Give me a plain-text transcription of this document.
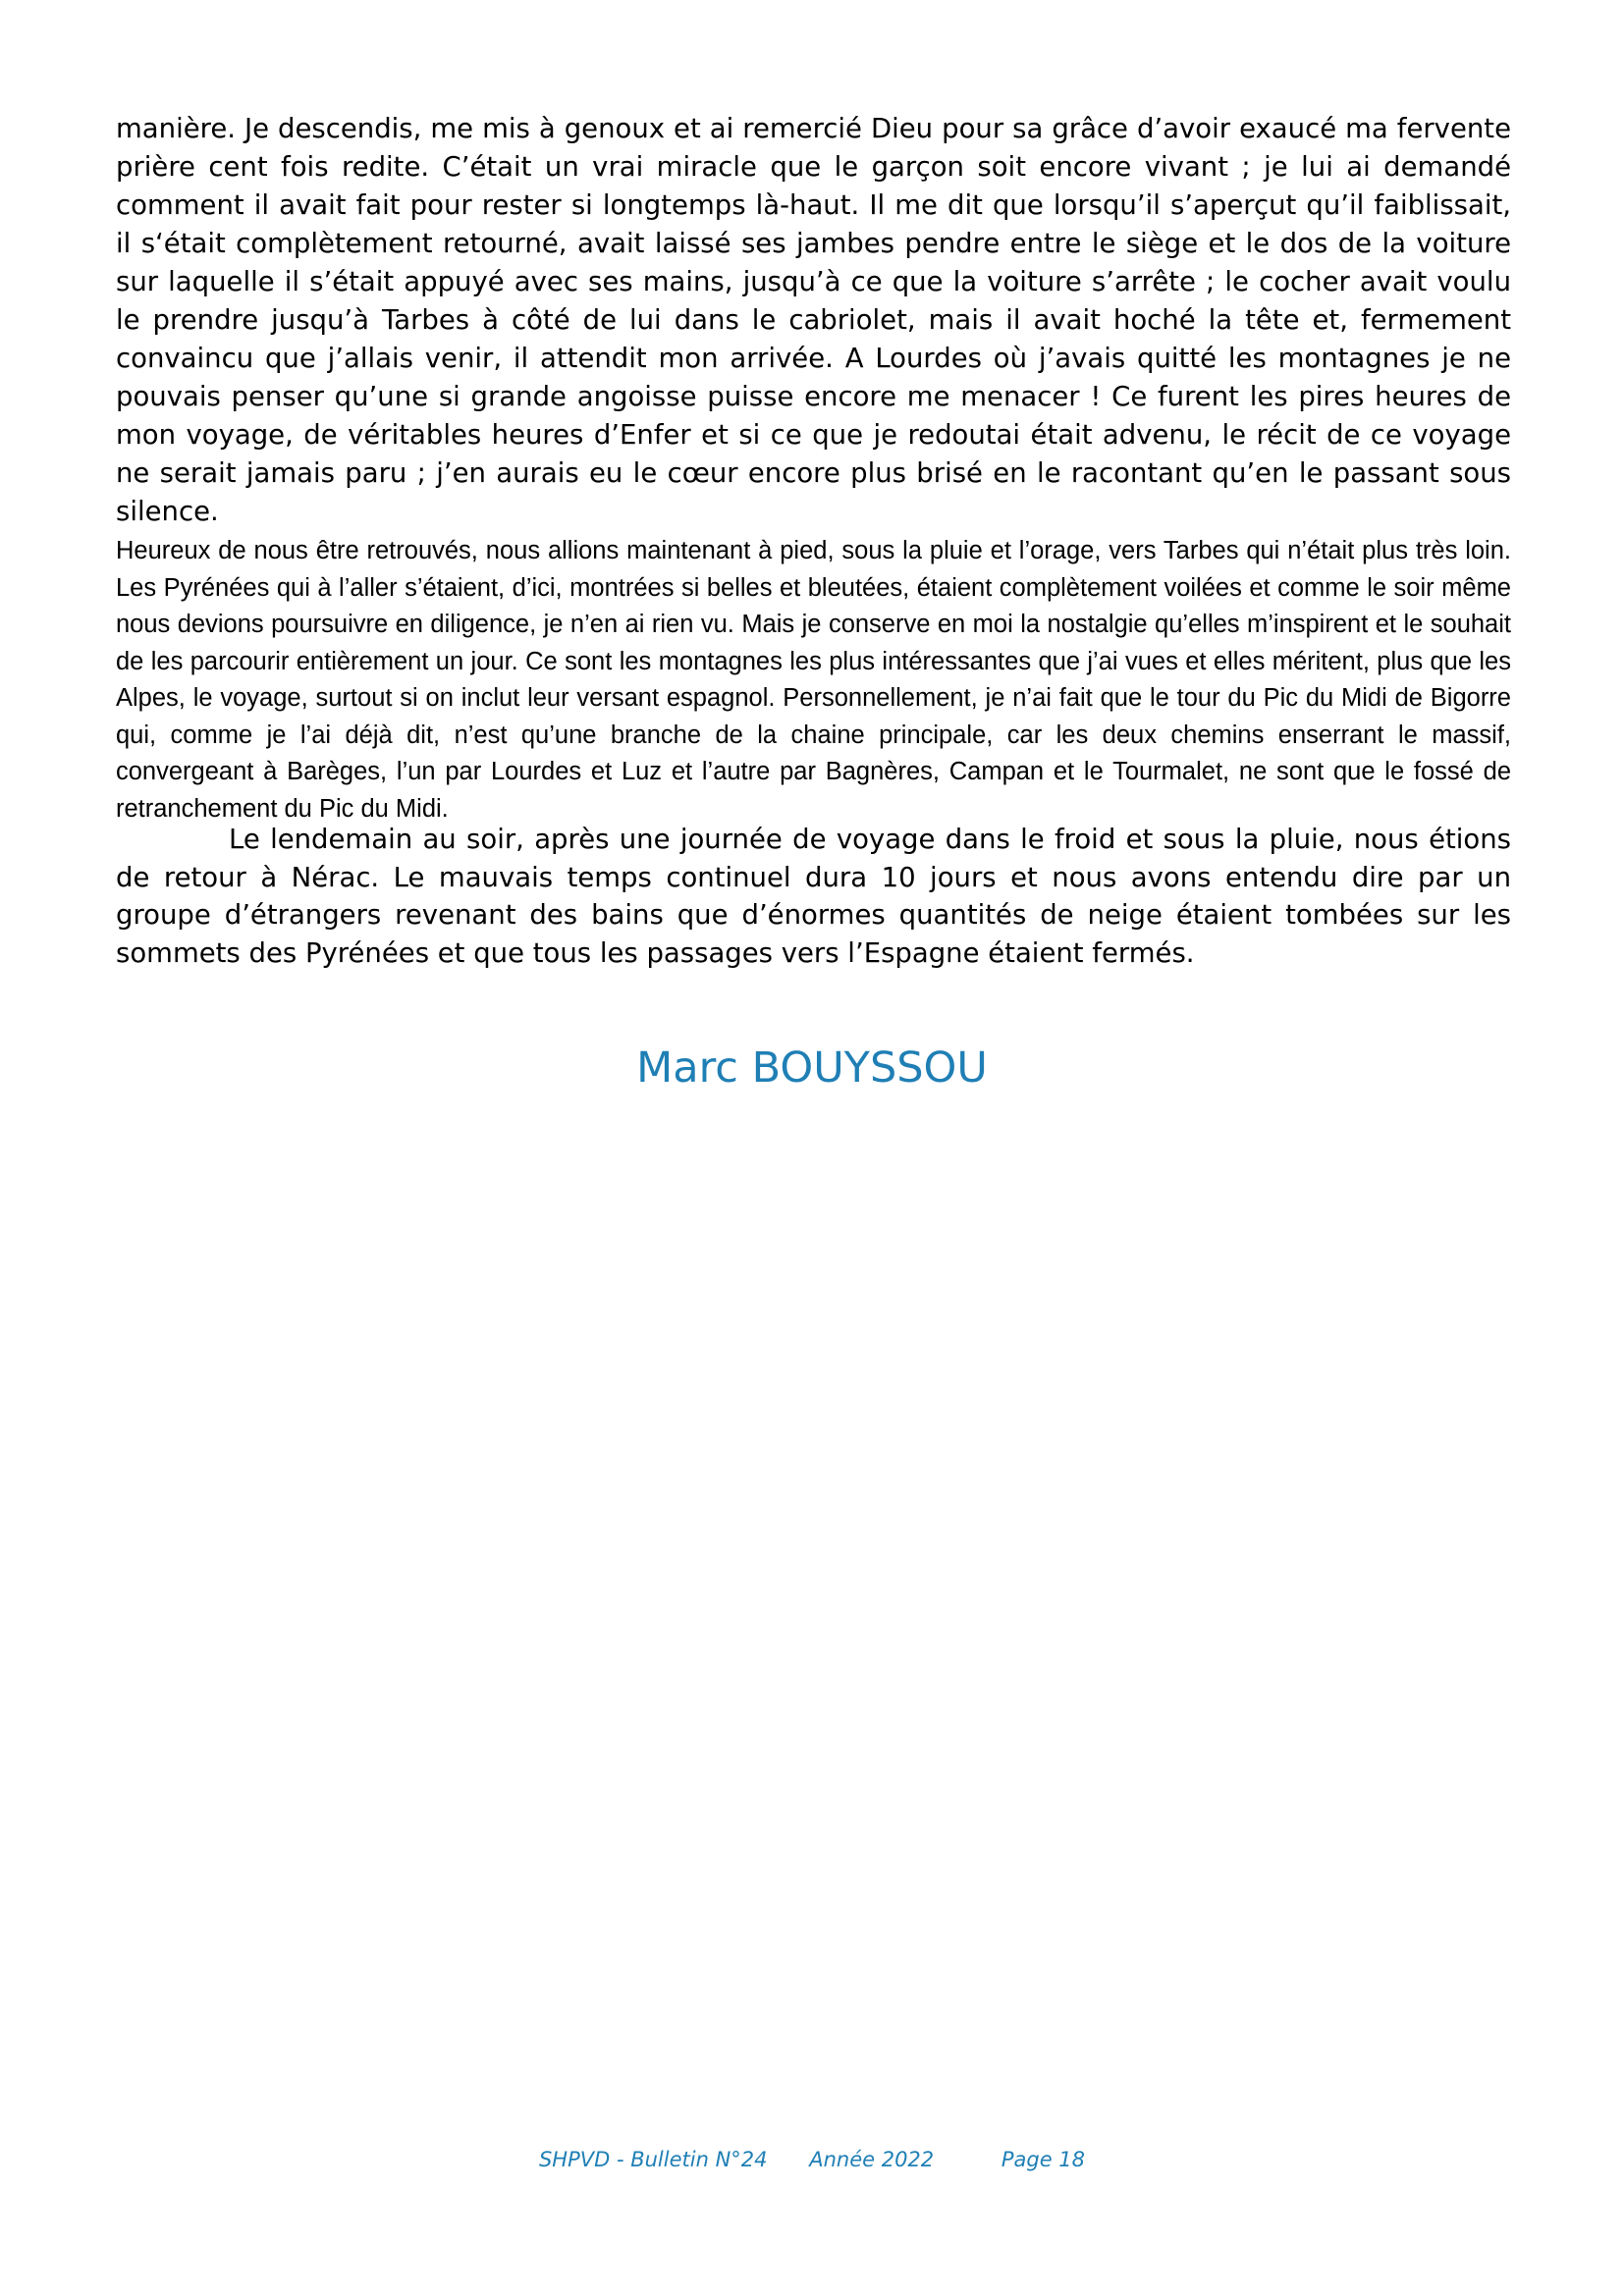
manière. Je descendis, me mis à genoux et ai remercié Dieu pour sa grâce d’avoir exaucé ma fervente prière cent fois redite. C’était un vrai miracle que le garçon soit encore vivant ; je lui ai demandé comment il avait fait pour rester si longtemps là-haut. Il me dit que lorsqu’il s’aperçut qu’il faiblissait, il s‘était complètement retourné, avait laissé ses jambes pendre entre le siège et le dos de la voiture sur laquelle il s’était appuyé avec ses mains, jusqu’à ce que la voiture s’arrête ; le cocher avait voulu le prendre jusqu’à Tarbes à côté de lui dans le cabriolet, mais il avait hoché la tête et, fermement convaincu que j’allais venir, il attendit mon arrivée. A Lourdes où j’avais quitté les montagnes je ne pouvais penser qu’une si grande angoisse puisse encore me menacer ! Ce furent les pires heures de mon voyage, de véritables heures d’Enfer et si ce que je redoutai était advenu, le récit de ce voyage ne serait jamais paru ; j’en aurais eu le cœur encore plus brisé en le racontant qu’en le passant sous silence.

Heureux de nous être retrouvés, nous allions maintenant à pied, sous la pluie et l’orage, vers Tarbes qui n’était plus très loin. Les Pyrénées qui à l’aller s’étaient, d’ici, montrées si belles et bleutées, étaient complètement voilées et comme le soir même nous devions poursuivre en diligence, je n’en ai rien vu. Mais je conserve en moi la nostalgie qu’elles m’inspirent et le souhait de les parcourir entièrement un jour. Ce sont les montagnes les plus intéressantes que j’ai vues et elles méritent, plus que les Alpes, le voyage, surtout si on inclut leur versant espagnol. Personnellement, je n’ai fait que le tour du Pic du Midi de Bigorre qui, comme je l’ai déjà dit, n’est qu’une branche de la chaine principale, car les deux chemins enserrant le massif, convergeant à Barèges, l’un par Lourdes et Luz et l’autre par Bagnères, Campan et le Tourmalet, ne sont que le fossé de retranchement du Pic du Midi.

Le lendemain au soir, après une journée de voyage dans le froid et sous la pluie, nous étions de retour à Nérac. Le mauvais temps continuel dura 10 jours et nous avons entendu dire par un groupe d’étrangers revenant des bains que d’énormes quantités de neige étaient tombées sur les sommets des Pyrénées et que tous les passages vers l’Espagne étaient fermés.

Marc BOUYSSOU

SHPVD - Bulletin N°24 Année 2022	Page 18
